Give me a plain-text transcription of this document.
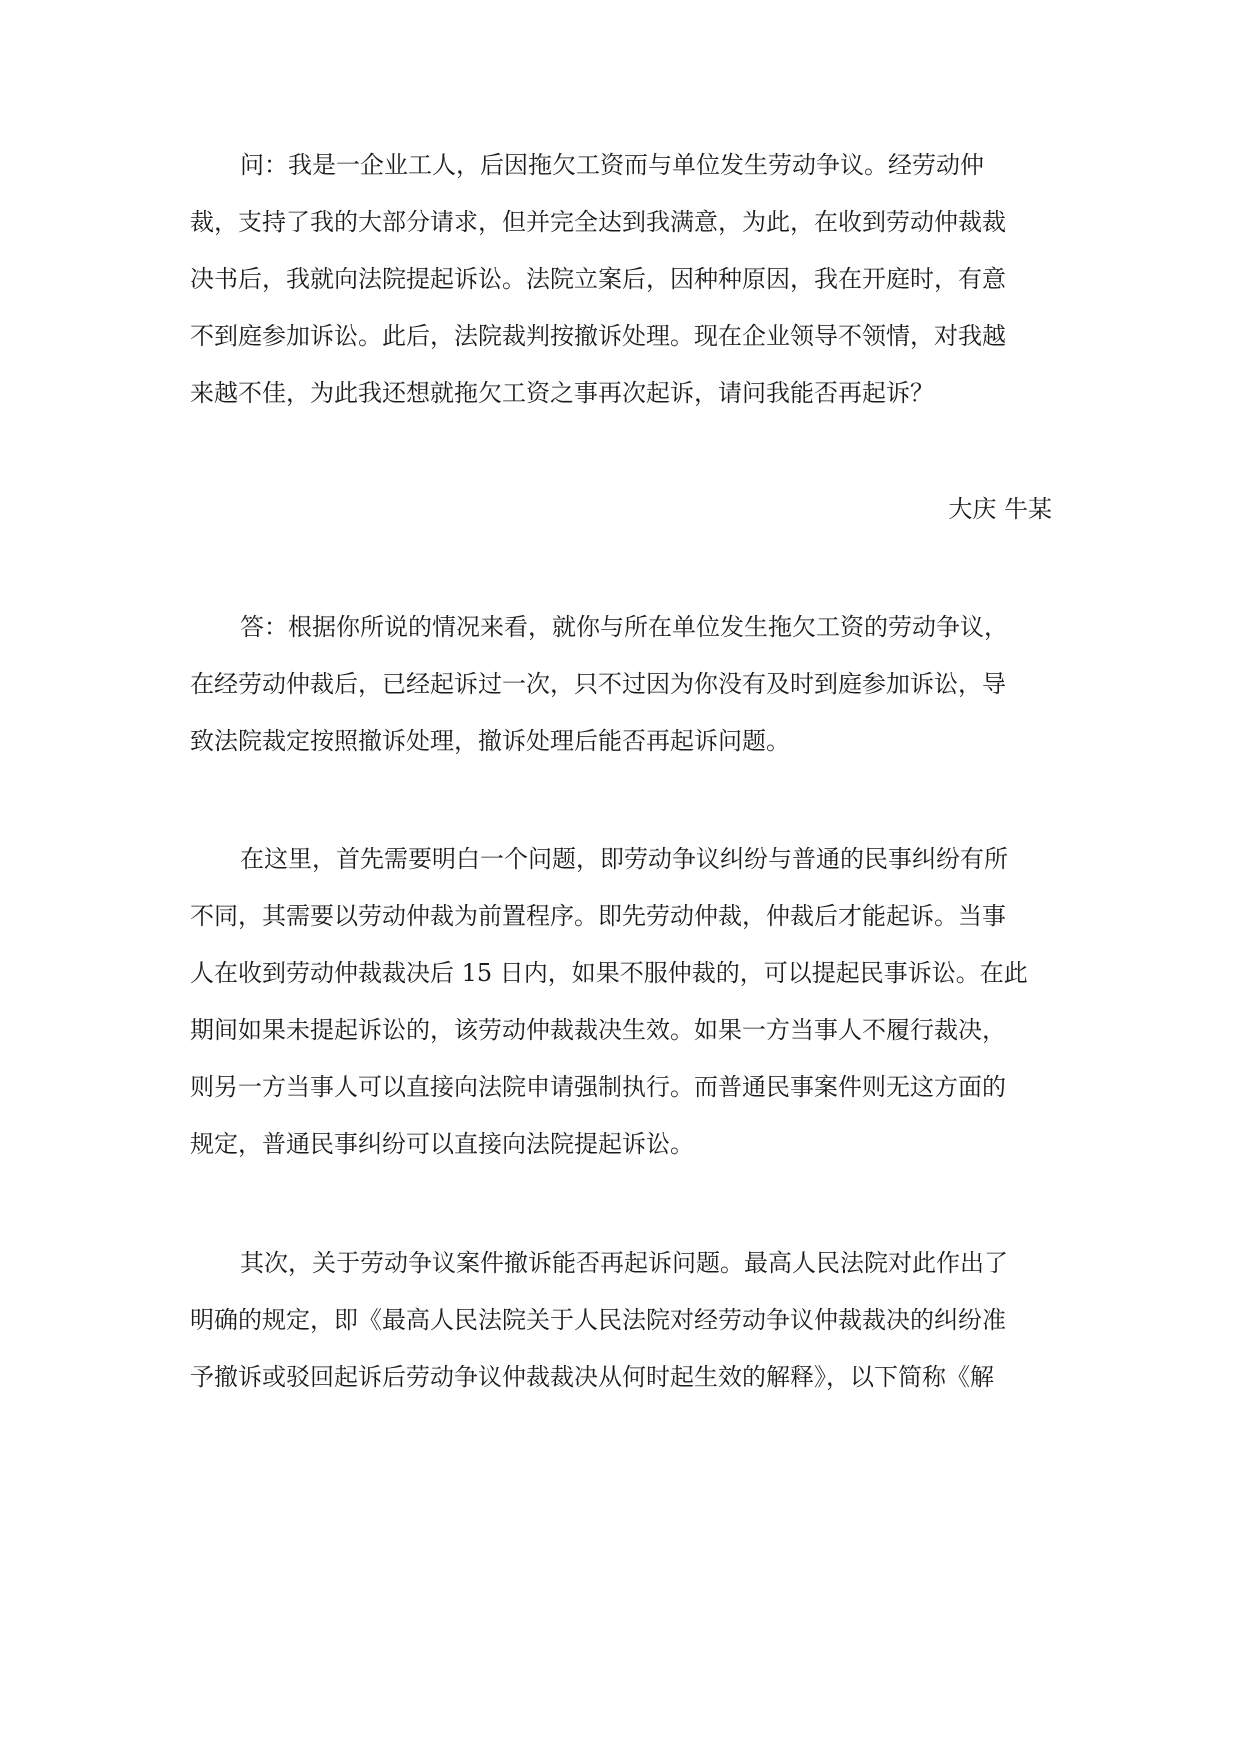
问：我是一企业工人，后因拖欠工资而与单位发生劳动争议。经劳动仲
裁，支持了我的大部分请求，但并完全达到我满意，为此，在收到劳动仲裁裁
决书后，我就向法院提起诉讼。法院立案后，因种种原因，我在开庭时，有意
不到庭参加诉讼。此后，法院裁判按撤诉处理。现在企业领导不领情，对我越
来越不佳，为此我还想就拖欠工资之事再次起诉，请问我能否再起诉？
大庆 牛某
答：根据你所说的情况来看，就你与所在单位发生拖欠工资的劳动争议，
在经劳动仲裁后，已经起诉过一次，只不过因为你没有及时到庭参加诉讼，导
致法院裁定按照撤诉处理，撤诉处理后能否再起诉问题。
在这里，首先需要明白一个问题，即劳动争议纠纷与普通的民事纠纷有所
不同，其需要以劳动仲裁为前置程序。即先劳动仲裁，仲裁后才能起诉。当事
人在收到劳动仲裁裁决后 15 日内，如果不服仲裁的，可以提起民事诉讼。在此
期间如果未提起诉讼的，该劳动仲裁裁决生效。如果一方当事人不履行裁决，
则另一方当事人可以直接向法院申请强制执行。而普通民事案件则无这方面的
规定，普通民事纠纷可以直接向法院提起诉讼。
其次，关于劳动争议案件撤诉能否再起诉问题。最高人民法院对此作出了
明确的规定，即《最高人民法院关于人民法院对经劳动争议仲裁裁决的纠纷准
予撤诉或驳回起诉后劳动争议仲裁裁决从何时起生效的解释》，以下简称《解
